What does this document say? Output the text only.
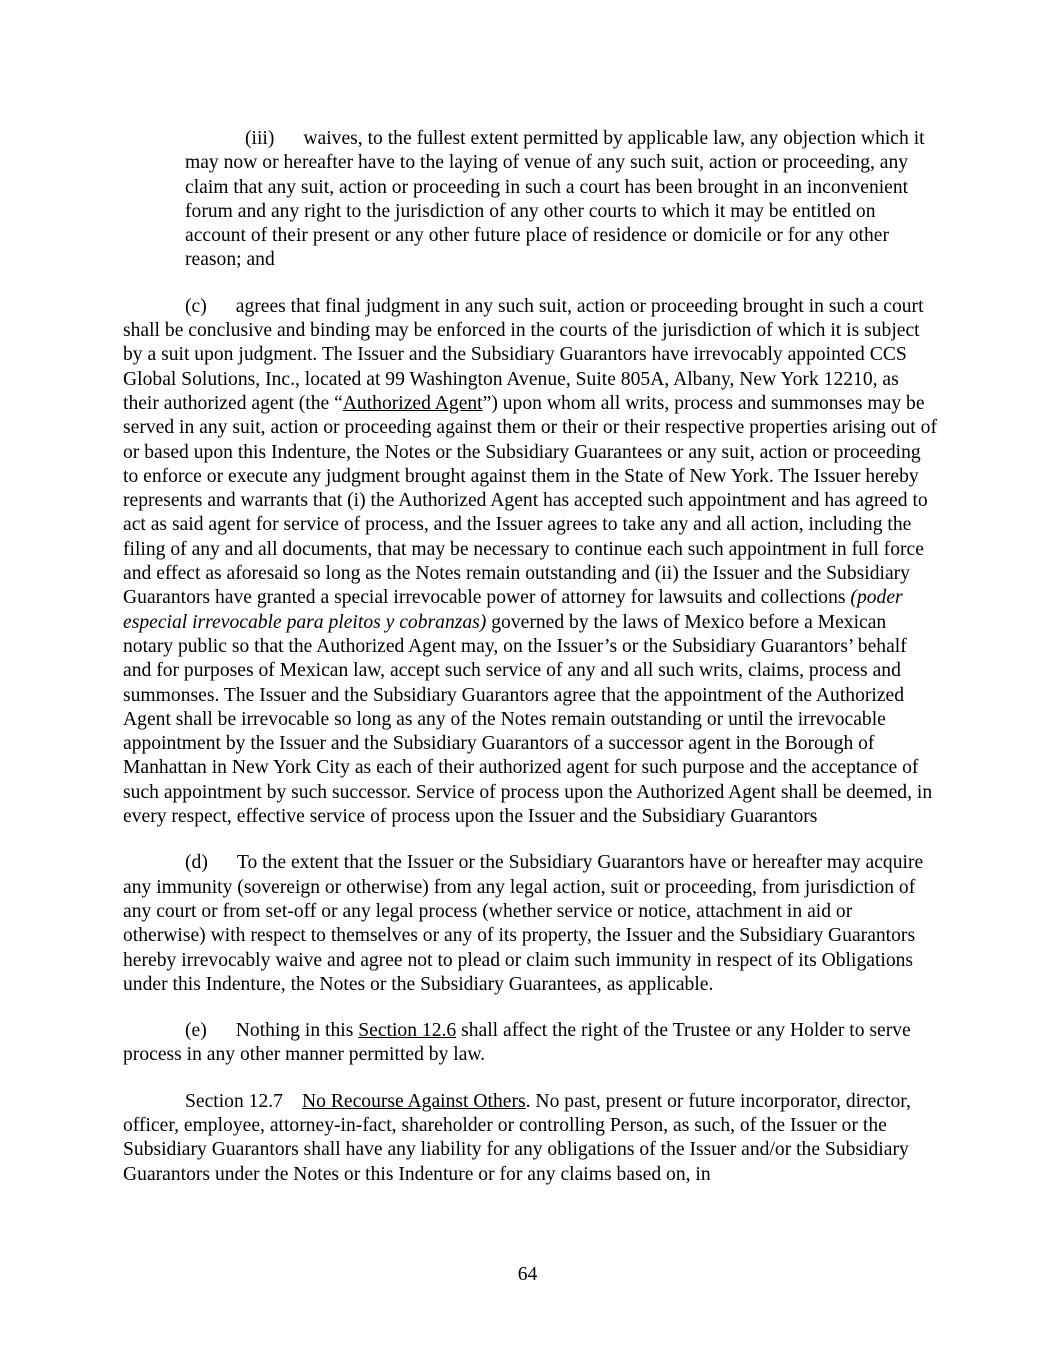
(iii) waives, to the fullest extent permitted by applicable law, any objection which it may now or hereafter have to the laying of venue of any such suit, action or proceeding, any claim that any suit, action or proceeding in such a court has been brought in an inconvenient forum and any right to the jurisdiction of any other courts to which it may be entitled on account of their present or any other future place of residence or domicile or for any other reason; and

(c) agrees that final judgment in any such suit, action or proceeding brought in such a court shall be conclusive and binding may be enforced in the courts of the jurisdiction of which it is subject by a suit upon judgment. The Issuer and the Subsidiary Guarantors have irrevocably appointed CCS Global Solutions, Inc., located at 99 Washington Avenue, Suite 805A, Albany, New York 12210, as their authorized agent (the “Authorized Agent”) upon whom all writs, process and summonses may be served in any suit, action or proceeding against them or their or their respective properties arising out of or based upon this Indenture, the Notes or the Subsidiary Guarantees or any suit, action or proceeding to enforce or execute any judgment brought against them in the State of New York. The Issuer hereby represents and warrants that (i) the Authorized Agent has accepted such appointment and has agreed to act as said agent for service of process, and the Issuer agrees to take any and all action, including the filing of any and all documents, that may be necessary to continue each such appointment in full force and effect as aforesaid so long as the Notes remain outstanding and (ii) the Issuer and the Subsidiary Guarantors have granted a special irrevocable power of attorney for lawsuits and collections (poder especial irrevocable para pleitos y cobranzas) governed by the laws of Mexico before a Mexican notary public so that the Authorized Agent may, on the Issuer’s or the Subsidiary Guarantors’ behalf and for purposes of Mexican law, accept such service of any and all such writs, claims, process and summonses. The Issuer and the Subsidiary Guarantors agree that the appointment of the Authorized Agent shall be irrevocable so long as any of the Notes remain outstanding or until the irrevocable appointment by the Issuer and the Subsidiary Guarantors of a successor agent in the Borough of Manhattan in New York City as each of their authorized agent for such purpose and the acceptance of such appointment by such successor. Service of process upon the Authorized Agent shall be deemed, in every respect, effective service of process upon the Issuer and the Subsidiary Guarantors

(d) To the extent that the Issuer or the Subsidiary Guarantors have or hereafter may acquire any immunity (sovereign or otherwise) from any legal action, suit or proceeding, from jurisdiction of any court or from set-off or any legal process (whether service or notice, attachment in aid or otherwise) with respect to themselves or any of its property, the Issuer and the Subsidiary Guarantors hereby irrevocably waive and agree not to plead or claim such immunity in respect of its Obligations under this Indenture, the Notes or the Subsidiary Guarantees, as applicable.

(e) Nothing in this Section 12.6 shall affect the right of the Trustee or any Holder to serve process in any other manner permitted by law.

Section 12.7 No Recourse Against Others. No past, present or future incorporator, director, officer, employee, attorney-in-fact, shareholder or controlling Person, as such, of the Issuer or the Subsidiary Guarantors shall have any liability for any obligations of the Issuer and/or the Subsidiary Guarantors under the Notes or this Indenture or for any claims based on, in

64
